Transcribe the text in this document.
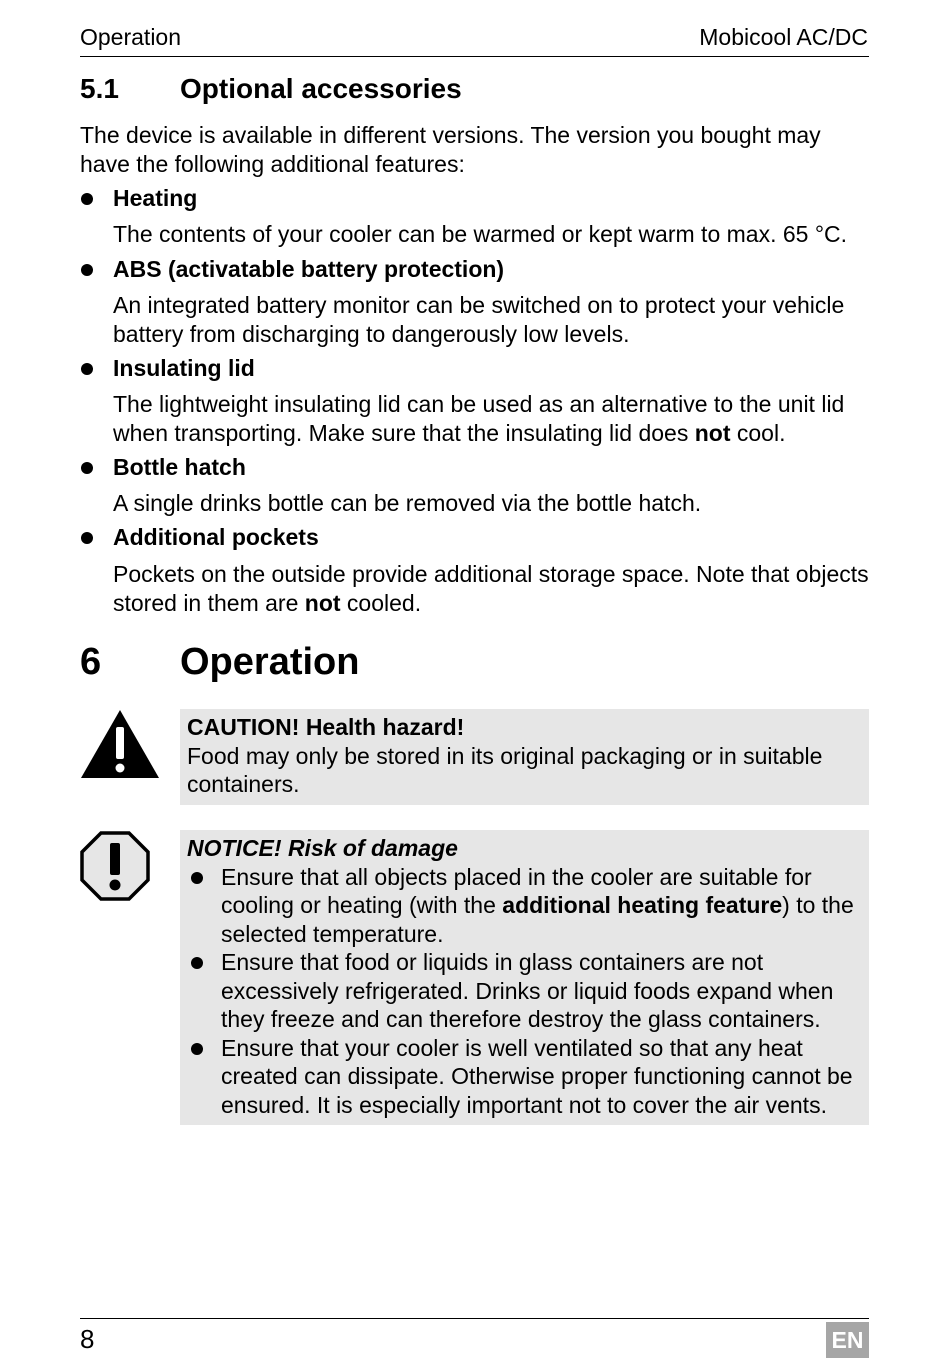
Operation	Mobicool AC/DC
5.1 Optional accessories
The device is available in different versions. The version you bought may have the following additional features:
Heating
The contents of your cooler can be warmed or kept warm to max. 65 °C.
ABS (activatable battery protection)
An integrated battery monitor can be switched on to protect your vehicle battery from discharging to dangerously low levels.
Insulating lid
The lightweight insulating lid can be used as an alternative to the unit lid when transporting. Make sure that the insulating lid does not cool.
Bottle hatch
A single drinks bottle can be removed via the bottle hatch.
Additional pockets
Pockets on the outside provide additional storage space. Note that objects stored in them are not cooled.
6 Operation
CAUTION! Health hazard!
Food may only be stored in its original packaging or in suitable containers.
NOTICE! Risk of damage
Ensure that all objects placed in the cooler are suitable for cooling or heating (with the additional heating feature) to the selected temperature.
Ensure that food or liquids in glass containers are not excessively refrigerated. Drinks or liquid foods expand when they freeze and can therefore destroy the glass containers.
Ensure that your cooler is well ventilated so that any heat created can dissipate. Otherwise proper functioning cannot be ensured. It is especially important not to cover the air vents.
8	EN
